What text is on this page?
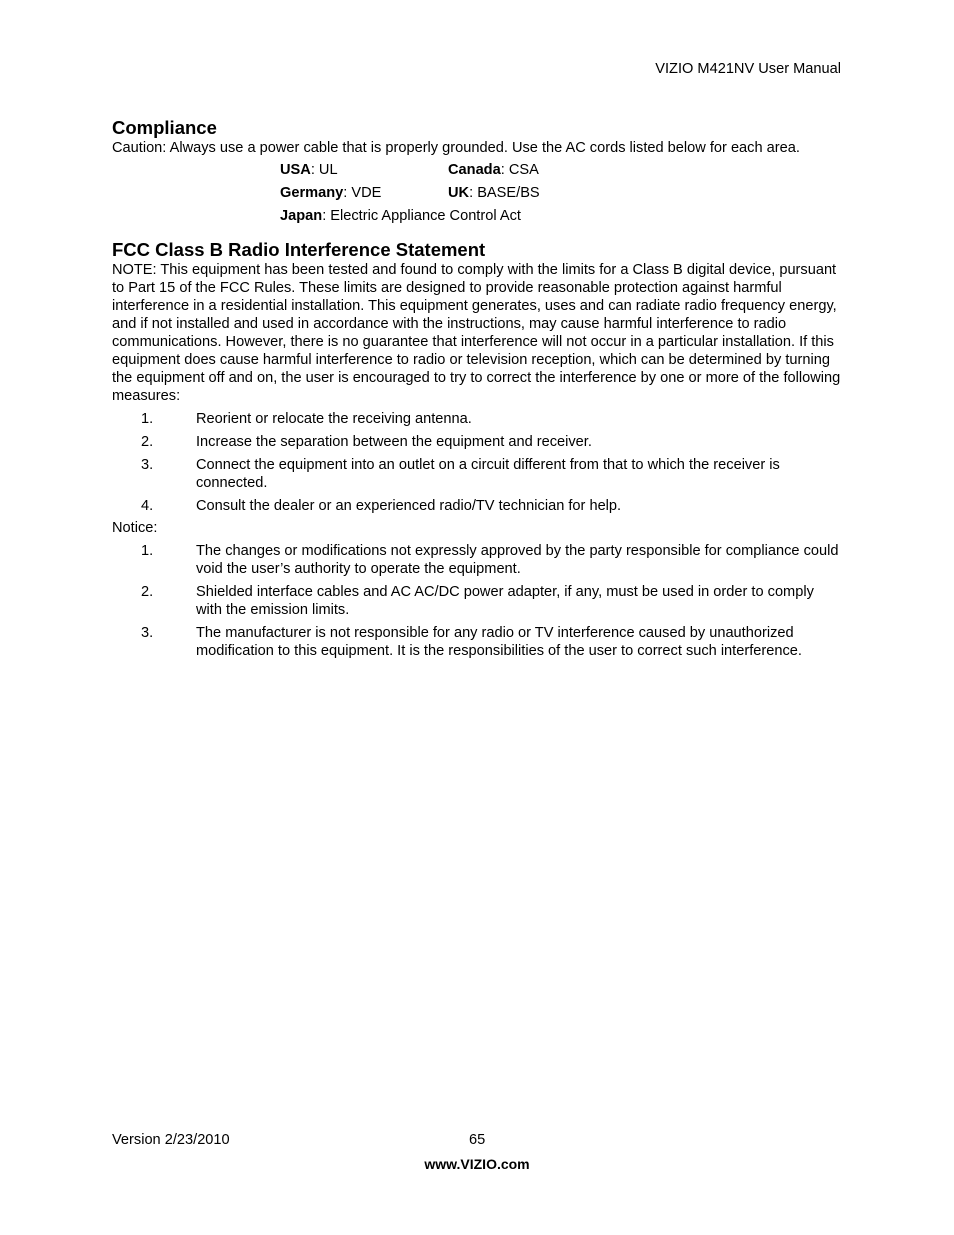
VIZIO M421NV User Manual
Compliance

Caution: Always use a power cable that is properly grounded. Use the AC cords listed below for each area.

USA: UL	Canada: CSA
Germany: VDE	UK: BASE/BS
Japan: Electric Appliance Control Act
FCC Class B Radio Interference Statement

NOTE: This equipment has been tested and found to comply with the limits for a Class B digital device, pursuant to Part 15 of the FCC Rules. These limits are designed to provide reasonable protection against harmful interference in a residential installation. This equipment generates, uses and can radiate radio frequency energy, and if not installed and used in accordance with the instructions, may cause harmful interference to radio communications. However, there is no guarantee that interference will not occur in a particular installation. If this equipment does cause harmful interference to radio or television reception, which can be determined by turning the equipment off and on, the user is encouraged to try to correct the interference by one or more of the following measures:

1.	Reorient or relocate the receiving antenna.
2.	Increase the separation between the equipment and receiver.
3.	Connect the equipment into an outlet on a circuit different from that to which the receiver is connected.
4.	Consult the dealer or an experienced radio/TV technician for help.
Notice:
1.	The changes or modifications not expressly approved by the party responsible for compliance could void the user’s authority to operate the equipment.
2.	Shielded interface cables and AC AC/DC power adapter, if any, must be used in order to comply with the emission limits.
3.	The manufacturer is not responsible for any radio or TV interference caused by unauthorized modification to this equipment. It is the responsibilities of the user to correct such interference.
Version 2/23/2010	65
www.VIZIO.com
